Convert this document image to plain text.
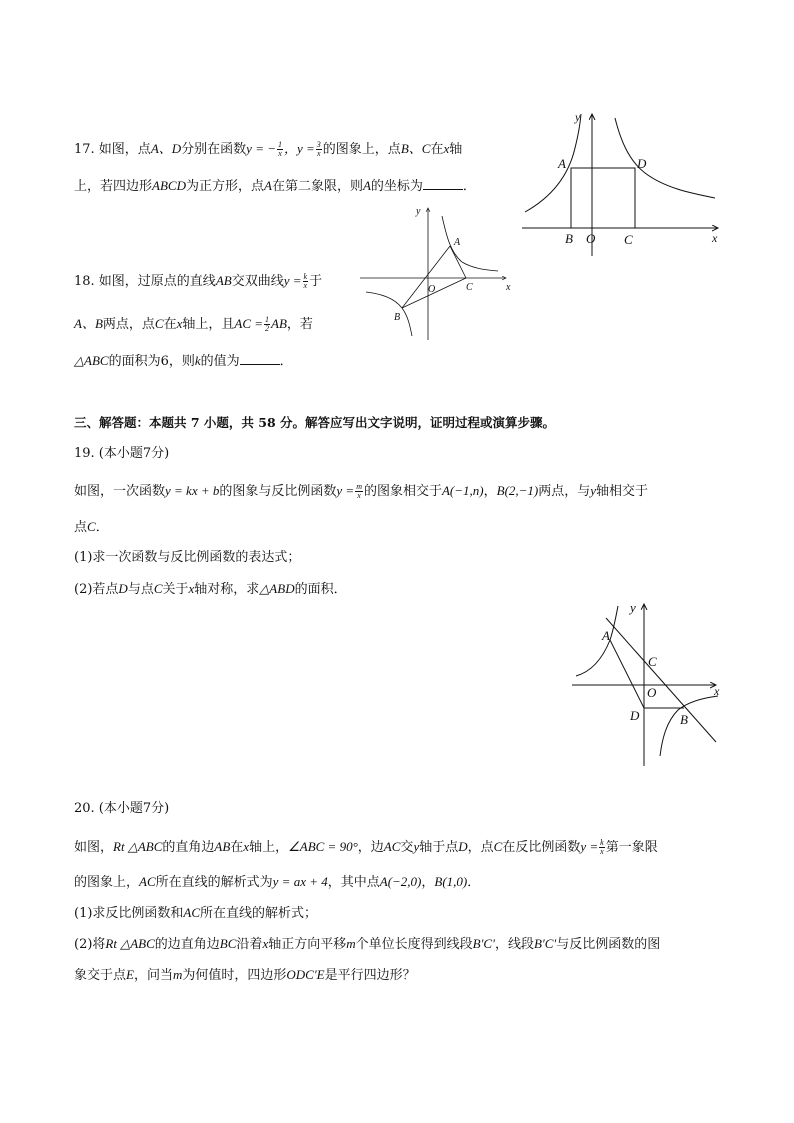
17. 如图，点A、D分别在函数y = − $\frac{1}{x}$ ，$y = \frac{3}{x}$ 的图象上，点B、C在x轴
上，若四边形ABCD为正方形，点A在第二象限，则A的坐标为	．
y
A	D
B O C	x
18. 如图，过原点的直线AB交双曲线$y = \frac{k}{x}$ 于
A、B两点，点C在x轴上，且AC = $\frac{1}{2}$ AB，若
△ABC的面积为6，则k的值为	．
y
A
O	C
B
x
三、解答题：本题共 7 小题，共 58 分。解答应写出文字说明，证明过程或演算步骤。
19. (本小题7分)
如图，一次函数y = kx + b的图象与反比例函数$y = \frac{m}{x}$ 的图象相交于A(−1,n)，B(2,−1)两点，与y轴相交于
点C．
(1)求一次函数与反比例函数的表达式；
(2)若点D与点C关于x轴对称，求△ABD的面积．
y
A
C
O
D	B
x
20. (本小题7分)
如图，Rt △ABC的直角边AB在x轴上，∠ABC = 90°，边AC交y轴于点D，点C在反比例函数$y = \frac{k}{x}$ 第一象限
的图象上，AC所在直线的解析式为y = ax + 4，其中点A(−2,0)，B(1,0)．
(1)求反比例函数和AC所在直线的解析式；
(2)将Rt △ABC的边直角边BC沿着x轴正方向平移m个单位长度得到线段B′C′，线段B′C′与反比例函数的图
象交于点E，问当m为何值时，四边形ODC′E是平行四边形？
